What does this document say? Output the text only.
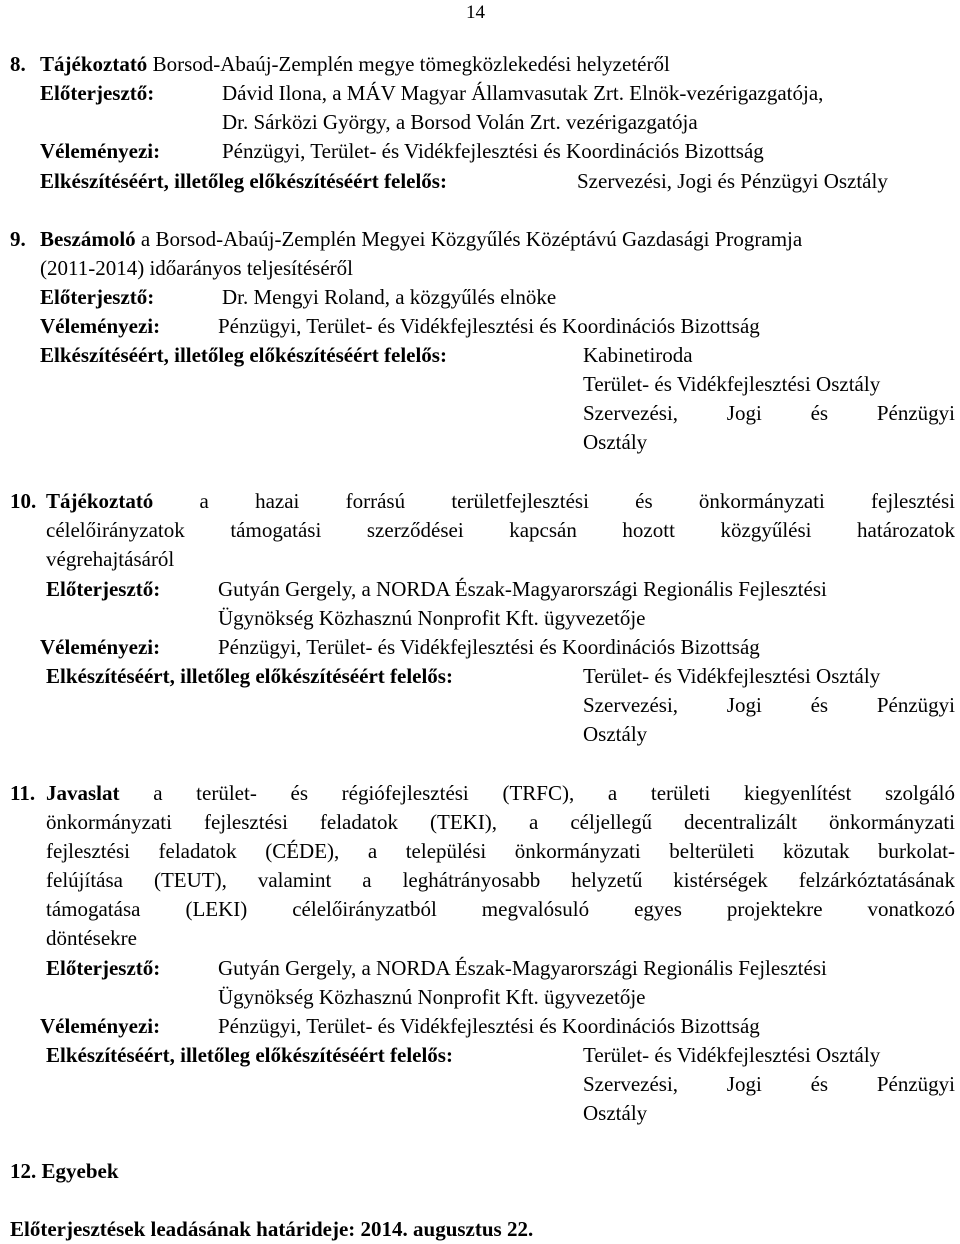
14
8. Tájékoztató Borsod-Abaúj-Zemplén megye tömegközlekedési helyzetéről
Előterjesztő:	Dávid Ilona, a MÁV Magyar Államvasutak Zrt. Elnök-vezérigazgatója,
Dr. Sárközi György, a Borsod Volán Zrt. vezérigazgatója
Véleményezi:	Pénzügyi, Terület- és Vidékfejlesztési és Koordinációs Bizottság
Elkészítéséért, illetőleg előkészítéséért felelős:	Szervezési, Jogi és Pénzügyi Osztály
9. Beszámoló a Borsod-Abaúj-Zemplén Megyei Közgyűlés Középtávú Gazdasági Programja
(2011-2014) időarányos teljesítéséről
Előterjesztő:	Dr. Mengyi Roland, a közgyűlés elnöke
Véleményezi:	Pénzügyi, Terület- és Vidékfejlesztési és Koordinációs Bizottság
Elkészítéséért, illetőleg előkészítéséért felelős:	Kabinetiroda
Terület- és Vidékfejlesztési Osztály
Szervezési, Jogi és Pénzügyi
Osztály
10. Tájékoztató a hazai forrású területfejlesztési és önkormányzati fejlesztési
célelőirányzatok támogatási szerződései kapcsán hozott közgyűlési határozatok
végrehajtásáról
Előterjesztő:	Gutyán Gergely, a NORDA Észak-Magyarországi Regionális Fejlesztési
Ügynökség Közhasznú Nonprofit Kft. ügyvezetője
Véleményezi:	Pénzügyi, Terület- és Vidékfejlesztési és Koordinációs Bizottság
Elkészítéséért, illetőleg előkészítéséért felelős:	Terület- és Vidékfejlesztési Osztály
Szervezési, Jogi és Pénzügyi
Osztály
11. Javaslat a terület- és régiófejlesztési (TRFC), a területi kiegyenlítést szolgáló
önkormányzati fejlesztési feladatok (TEKI), a céljellegű decentralizált önkormányzati
fejlesztési feladatok (CÉDE), a települési önkormányzati belterületi közutak burkolat-
felújítása (TEUT), valamint a leghátrányosabb helyzetű kistérségek felzárkóztatásának
támogatása (LEKI) célelőirányzatból megvalósuló egyes projektekre vonatkozó
döntésekre
Előterjesztő:	Gutyán Gergely, a NORDA Észak-Magyarországi Regionális Fejlesztési
Ügynökség Közhasznú Nonprofit Kft. ügyvezetője
Véleményezi:	Pénzügyi, Terület- és Vidékfejlesztési és Koordinációs Bizottság
Elkészítéséért, illetőleg előkészítéséért felelős:	Terület- és Vidékfejlesztési Osztály
Szervezési, Jogi és Pénzügyi
Osztály
12. Egyebek
Előterjesztések leadásának határideje: 2014. augusztus 22.
